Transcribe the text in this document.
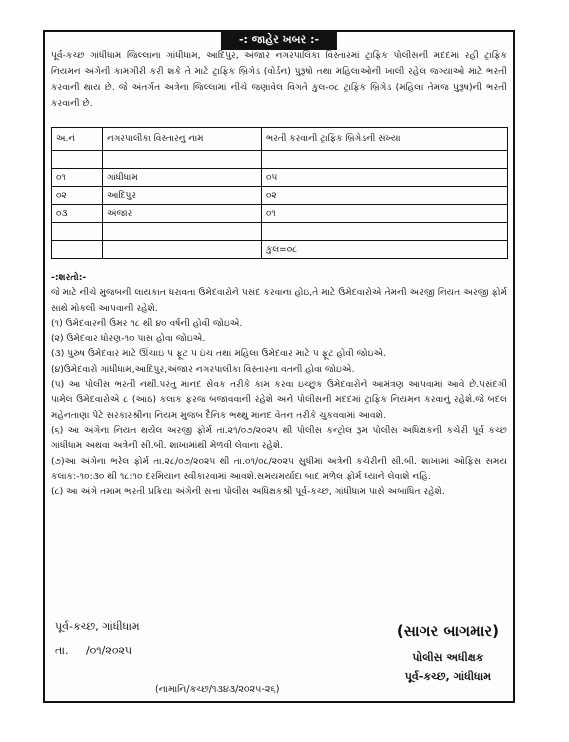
-: જાહેર ખબર :-
પૂર્વ-કચ્છ ગાંધીધામ જિલ્લાના ગાંધીધામ, આદિપુર, અંજાર નગરપાલિકા વિસ્તારમાં ટ્રાફિક પોલીસની મદદમાં રહી ટ્રાફિક નિયમન અંગેની કામગીરી કરી શકે તે માટે ટ્રાફિક બ્રિગેડ (વોર્ડન) પુરૂષો તથા મહિલાઓની ખાલી રહેલ જગ્યાઓ માટે ભરતી કરવાની થાય છે. જે અંતર્ગત અત્રેના જિલ્લામાં નીચે જણાવેલ વિગતે કુલ-૦૮ ટ્રાફિક બ્રિગેડ (મહિલા તેમજ પુરૂષ)ની ભરતી કરવાની છે.
અ.નં	નગરપાલીકા વિસ્તારનુ નામ	ભરતી કરવાની ટ્રાફિક બ્રિગેડની સંખ્યા

૦૧	ગાંધીધામ	૦૫
૦૨	આદિપુર	૦૨
૦૩	અંજાર	૦૧

		કુલ=૦૮

-:શરતો:-

જે માટે નીચે મુજબની લાયકાત ધરાવતા ઉમેદવારોને પસંદ કરવાના હોઇ,તે માટે ઉમેદવારોએ તેમની અરજી નિયત અરજી ફોર્મ સાથે મોકલી આપવાની રહેશે.

(૧) ઉમેદવારની ઉંમર ૧૮ થી ૪૦ વર્ષની હોવી જોઇએ.

(૨) ઉમેદવાર ધોરણ-૧૦ પાસ હોવા જોઇએ.

(૩) પુરુષ ઉમેદવાર માટે ઊંચાઇ ૫ ફૂટ ૫ ઇંચ તથા મહિલા ઉમેદવાર માટે ૫ ફૂટ હોવી જોઇએ.

(૪)ઉમેદવારો ગાંધીધામ,આદિપુર,અંજાર નગરપાલીકા વિસ્તારના વતની હોવા જોઇએ.

(૫) આ પોલીસ ભરતી નથી.પરંતુ માનદ સેવક તરીકે કામ કરવા ઇચ્છુક ઉમેદવારોને આમંત્રણ આપવામાં આવે છે.પસંદગી પામેલ ઉમેદવારોએ ૮ (આઠ) કલાક ફરજ બજાવવાની રહેશે અને પોલીસની મદદમાં ટ્રાફિક નિયમન કરવાનું રહેશે.જે બદલ મહેનતાણા પેટે સરકારશ્રીના નિયમ મુજબ દૈનિક ભથ્થુ માનદ વેતન તરીકે ચુકવવામાં આવશે.

(૬) આ અંગેના નિયત થયેલ અરજી ફોર્મ તા.૨૧/૦૭/૨૦૨૫ થી પોલીસ કન્ટ્રોલ રૂમ પોલીસ અધિક્ષકની કચેરી પૂર્વ કચ્છ ગાંધીધામ અથવા અત્રેની સી.બી. શાખામાંથી મેળવી લેવાના રહેશે.

(૭)આ અંગેના ભરેલ ફોર્મ તા.૨૮/૦૭/૨૦૨૫ થી તા.૦૧/૦૮/૨૦૨૫ સુધીમાં અત્રેની કચેરીની સી.બી. શાખામાં ઓફિસ સમય કલાક:-૧૦:૩૦ થી ૧૮:૧૦ દરમિયાન સ્વીકારવામાં આવશે.સમયમર્યાદા બાદ મળેલ ફોર્મ ધ્યાને લેવાશે નહિ.

(૮) આ અંગે તમામ ભરતી પ્રક્રિયા અંગેની સત્તા પોલીસ અધિક્ષકશ્રી પૂર્વ-કચ્છ, ગાંધીધામ પાસે અબાધિત રહેશે.

પૂર્વ-કચ્છ, ગાંધીધામ
તા.     /૦૧/૨૦૨૫
(સાગર બાગમાર)
પોલીસ અધીક્ષક
પૂર્વ-કચ્છ, ગાંધીધામ
(નામાનિ/કચ્છ/૧૩૪૩/૨૦૨૫-૨૬)
